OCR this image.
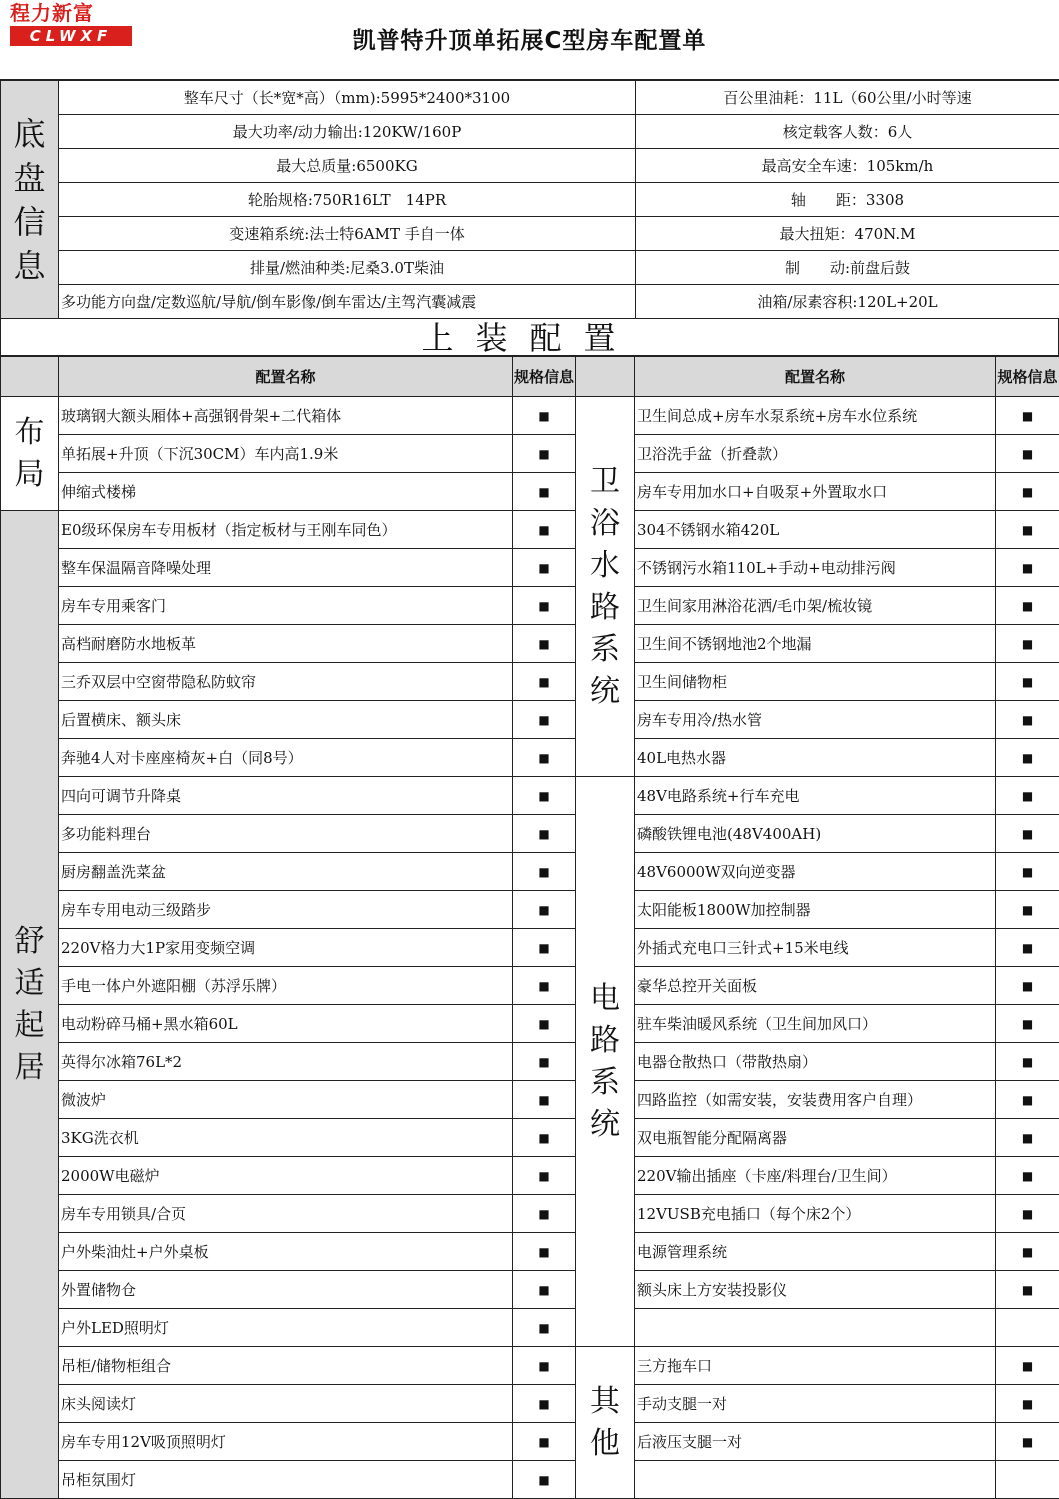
程力新富
CLWXF	凯普特升顶单拓展C型房车配置单
底盘信息	整车尺寸（长*宽*高）（mm):5995*2400*3100	百公里油耗：11L（60公里/小时等速
	最大功率/动力输出:120KW/160P	核定载客人数：6人
	最大总质量:6500KG	最高安全车速：105km/h
	轮胎规格:750R16LT　14PR	轴　　距：3308
	变速箱系统:法士特6AMT 手自一体	最大扭矩：470N.M
	排量/燃油种类:尼桑3.0T柴油	制　　动:前盘后鼓
	多功能方向盘/定数巡航/导航/倒车影像/倒车雷达/主驾汽囊减震	油箱/尿素容积:120L+20L
上装配置
	配置名称	规格信息		配置名称	规格信息
布局	玻璃钢大额头厢体+高强钢骨架+二代箱体	■	卫浴水路系统	卫生间总成+房车水泵系统+房车水位系统	■
	单拓展+升顶（下沉30CM）车内高1.9米	■		卫浴洗手盆（折叠款）	■
	伸缩式楼梯	■		房车专用加水口+自吸泵+外置取水口	■
舒适起居	E0级环保房车专用板材（指定板材与王刚车同色）	■		304不锈钢水箱420L	■
	整车保温隔音降噪处理	■		不锈钢污水箱110L+手动+电动排污阀	■
	房车专用乘客门	■		卫生间家用淋浴花洒/毛巾架/梳妆镜	■
	高档耐磨防水地板革	■		卫生间不锈钢地池2个地漏	■
	三乔双层中空窗带隐私防蚊帘	■		卫生间储物柜	■
	后置横床、额头床	■		房车专用冷/热水管	■
	奔驰4人对卡座座椅灰+白（同8号）	■		40L电热水器	■
	四向可调节升降桌	■	电路系统	48V电路系统+行车充电	■
	多功能料理台	■		磷酸铁锂电池(48V400AH)	■
	厨房翻盖洗菜盆	■		48V6000W双向逆变器	■
	房车专用电动三级踏步	■		太阳能板1800W加控制器	■
	220V格力大1P家用变频空调	■		外插式充电口三针式+15米电线	■
	手电一体户外遮阳棚（苏浮乐牌）	■		豪华总控开关面板	■
	电动粉碎马桶+黑水箱60L	■		驻车柴油暖风系统（卫生间加风口）	■
	英得尔冰箱76L*2	■		电器仓散热口（带散热扇）	■
	微波炉	■		四路监控（如需安装，安装费用客户自理）	■
	3KG洗衣机	■		双电瓶智能分配隔离器	■
	2000W电磁炉	■		220V输出插座（卡座/料理台/卫生间）	■
	房车专用锁具/合页	■		12VUSB充电插口（每个床2个）	■
	户外柴油灶+户外桌板	■		电源管理系统	■
	外置储物仓	■		额头床上方安装投影仪	■
	户外LED照明灯	■			
	吊柜/储物柜组合	■	其他	三方拖车口	■
	床头阅读灯	■		手动支腿一对	■
	房车专用12V吸顶照明灯	■		后液压支腿一对	■
	吊柜氛围灯	■			
